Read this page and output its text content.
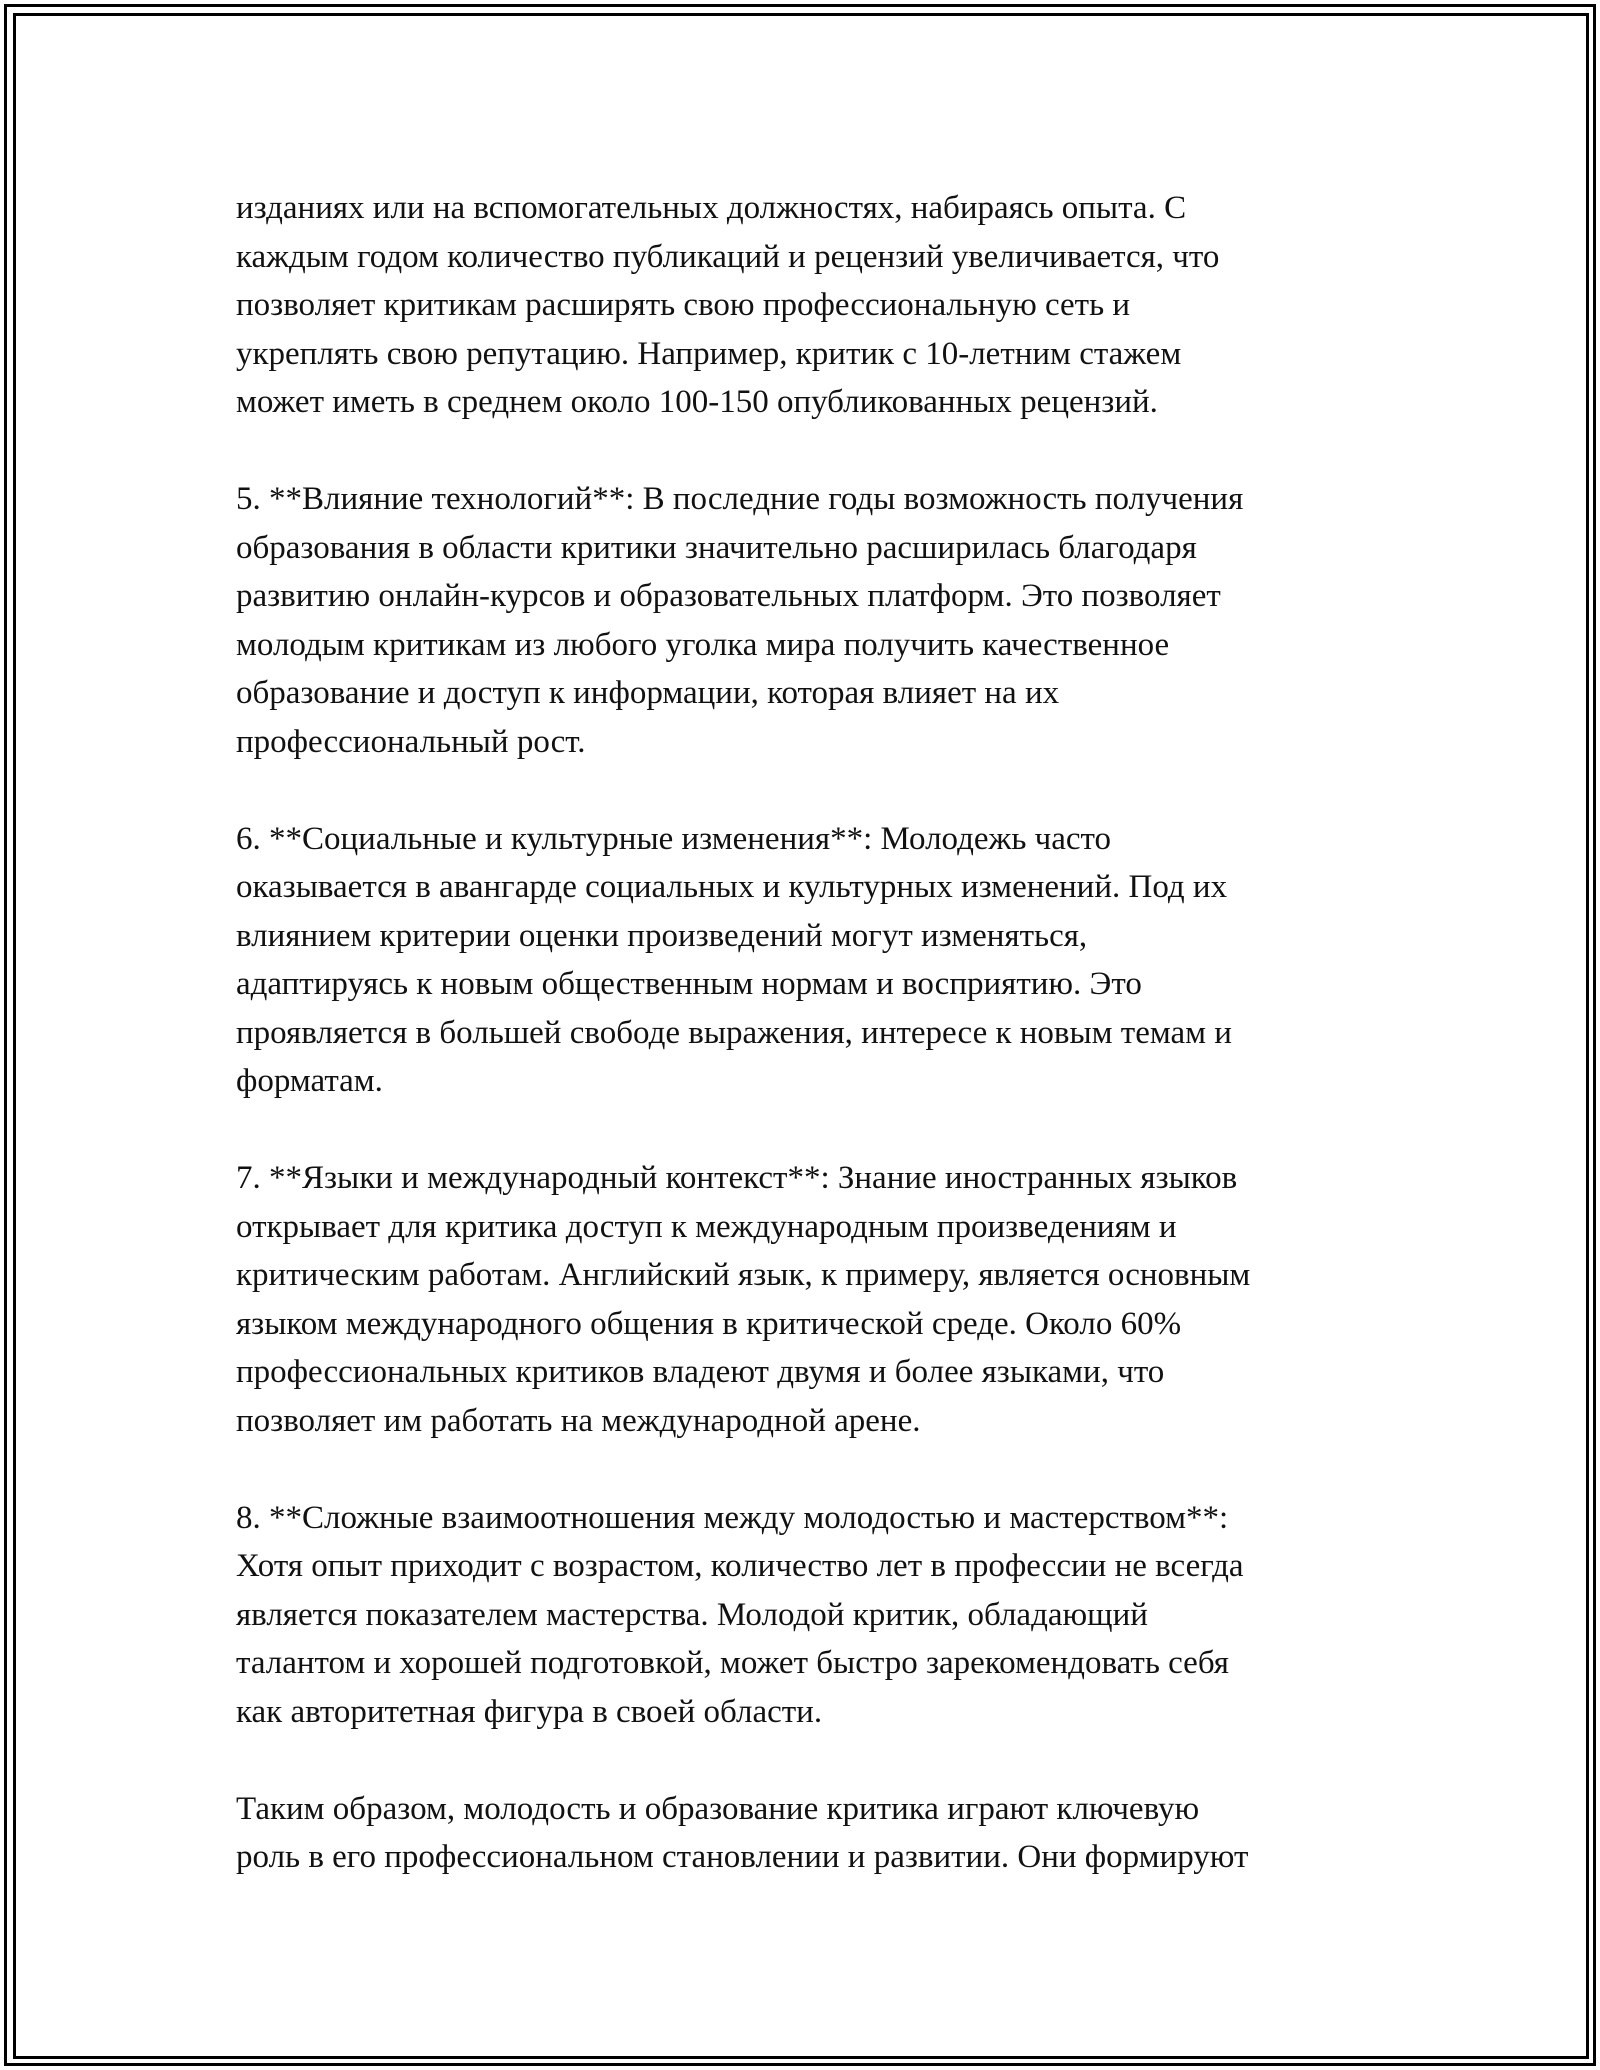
изданиях или на вспомогательных должностях, набираясь опыта. С
каждым годом количество публикаций и рецензий увеличивается, что
позволяет критикам расширять свою профессиональную сеть и
укреплять свою репутацию. Например, критик с 10-летним стажем
может иметь в среднем около 100-150 опубликованных рецензий.

5. **Влияние технологий**: В последние годы возможность получения
образования в области критики значительно расширилась благодаря
развитию онлайн-курсов и образовательных платформ. Это позволяет
молодым критикам из любого уголка мира получить качественное
образование и доступ к информации, которая влияет на их
профессиональный рост.

6. **Социальные и культурные изменения**: Молодежь часто
оказывается в авангарде социальных и культурных изменений. Под их
влиянием критерии оценки произведений могут изменяться,
адаптируясь к новым общественным нормам и восприятию. Это
проявляется в большей свободе выражения, интересе к новым темам и
форматам.

7. **Языки и международный контекст**: Знание иностранных языков
открывает для критика доступ к международным произведениям и
критическим работам. Английский язык, к примеру, является основным
языком международного общения в критической среде. Около 60%
профессиональных критиков владеют двумя и более языками, что
позволяет им работать на международной арене.

8. **Сложные взаимоотношения между молодостью и мастерством**:
Хотя опыт приходит с возрастом, количество лет в профессии не всегда
является показателем мастерства. Молодой критик, обладающий
талантом и хорошей подготовкой, может быстро зарекомендовать себя
как авторитетная фигура в своей области.

Таким образом, молодость и образование критика играют ключевую
роль в его профессиональном становлении и развитии. Они формируют
